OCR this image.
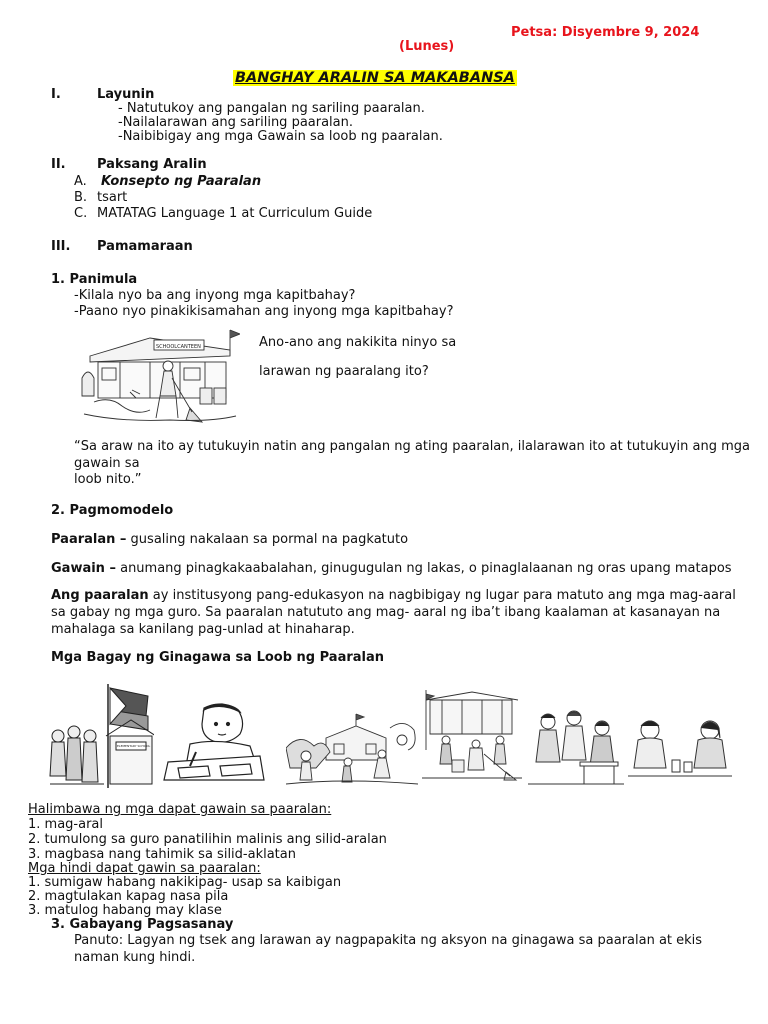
Petsa: Disyembre 9, 2024
(Lunes)
BANGHAY ARALIN SA MAKABANSA
I.	Layunin
- Natutukoy ang pangalan ng sariling paaralan.
-Nailalarawan ang sariling paaralan.
-Naibibigay ang mga Gawain sa loob ng paaralan.
II. Paksang Aralin
A. Konsepto ng Paaralan
B. tsart
C. MATATAG Language 1 at Curriculum Guide
III. Pamamaraan
1. Panimula
-Kilala nyo ba ang inyong mga kapitbahay?
-Paano nyo pinakikisamahan ang inyong mga kapitbahay?
SCHOOLCANTEEN	Ano-ano ang nakikita ninyo sa
larawan ng paaralang ito?
“Sa araw na ito ay tutukuyin natin ang pangalan ng ating paaralan, ilalarawan ito at tutukuyin ang mga gawain sa
loob nito.”
2. Pagmomodelo
Paaralan – gusaling nakalaan sa pormal na pagkatuto
Gawain – anumang pinagkakaabalahan, ginugugulan ng lakas, o pinaglalaanan ng oras upang matapos
Ang paaralan ay institusyong pang-edukasyon na nagbibigay ng lugar para matuto ang mga mag-aaral sa gabay ng mga guro. Sa paaralan natututo ang mag- aaral ng iba’t ibang kaalaman at kasanayan na mahalaga sa kanilang pag-unlad at hinaharap.
Mga Bagay ng Ginagawa sa Loob ng Paaralan
ELEMENTARY SCHOOL
Halimbawa ng mga dapat gawain sa paaralan:
1. mag-aral
2. tumulong sa guro panatilihin malinis ang silid-aralan
3. magbasa nang tahimik sa silid-aklatan
Mga hindi dapat gawin sa paaralan:
1. sumigaw habang nakikipag- usap sa kaibigan
2. magtulakan kapag nasa pila
3. matulog habang may klase
3. Gabayang Pagsasanay
Panuto: Lagyan ng tsek ang larawan ay nagpapakita ng aksyon na ginagawa sa paaralan at ekis naman kung hindi.
